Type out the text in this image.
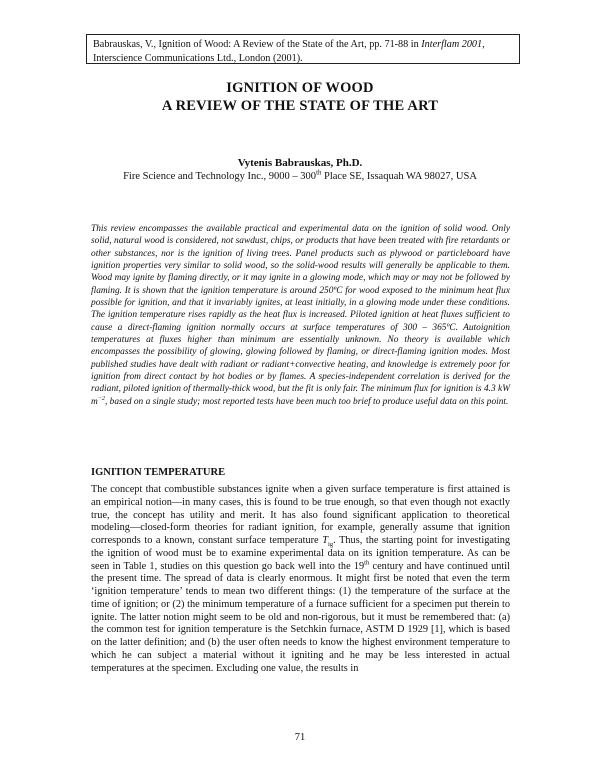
Babrauskas, V., Ignition of Wood: A Review of the State of the Art, pp. 71-88 in Interflam 2001, Interscience Communications Ltd., London (2001).
IGNITION OF WOOD
A REVIEW OF THE STATE OF THE ART
Vytenis Babrauskas, Ph.D.
Fire Science and Technology Inc., 9000 – 300th Place SE, Issaquah WA 98027, USA

This review encompasses the available practical and experimental data on the ignition of solid wood. Only solid, natural wood is considered, not sawdust, chips, or products that have been treated with fire retardants or other substances, nor is the ignition of living trees. Panel products such as plywood or particleboard have ignition properties very similar to solid wood, so the solid-wood results will generally be applicable to them. Wood may ignite by flaming directly, or it may ignite in a glowing mode, which may or may not be followed by flaming. It is shown that the ignition temperature is around 250ºC for wood exposed to the minimum heat flux possible for ignition, and that it invariably ignites, at least initially, in a glowing mode under these conditions. The ignition temperature rises rapidly as the heat flux is increased. Piloted ignition at heat fluxes sufficient to cause a direct-flaming ignition normally occurs at surface temperatures of 300 – 365ºC. Autoignition temperatures at fluxes higher than minimum are essentially unknown. No theory is available which encompasses the possibility of glowing, glowing followed by flaming, or direct-flaming ignition modes. Most published studies have dealt with radiant or radiant+convective heating, and knowledge is extremely poor for ignition from direct contact by hot bodies or by flames. A species-independent correlation is derived for the radiant, piloted ignition of thermally-thick wood, but the fit is only fair. The minimum flux for ignition is 4.3 kW $m^{-2}$, based on a single study; most reported tests have been much too brief to produce useful data on this point.

IGNITION TEMPERATURE

The concept that combustible substances ignite when a given surface temperature is first attained is an empirical notion—in many cases, this is found to be true enough, so that even though not exactly true, the concept has utility and merit. It has also found significant application to theoretical modeling—closed-form theories for radiant ignition, for example, generally assume that ignition corresponds to a known, constant surface temperature $T_{ig}$. Thus, the starting point for investigating the ignition of wood must be to examine experimental data on its ignition temperature. As can be seen in Table 1, studies on this question go back well into the 19th century and have continued until the present time. The spread of data is clearly enormous. It might first be noted that even the term ‘ignition temperature’ tends to mean two different things: (1) the temperature of the surface at the time of ignition; or (2) the minimum temperature of a furnace sufficient for a specimen put therein to ignite. The latter notion might seem to be old and non-rigorous, but it must be remembered that: (a) the common test for ignition temperature is the Setchkin furnace, ASTM D 1929 [1], which is based on the latter definition; and (b) the user often needs to know the highest environment temperature to which he can subject a material without it igniting and he may be less interested in actual temperatures at the specimen. Excluding one value, the results in

71
